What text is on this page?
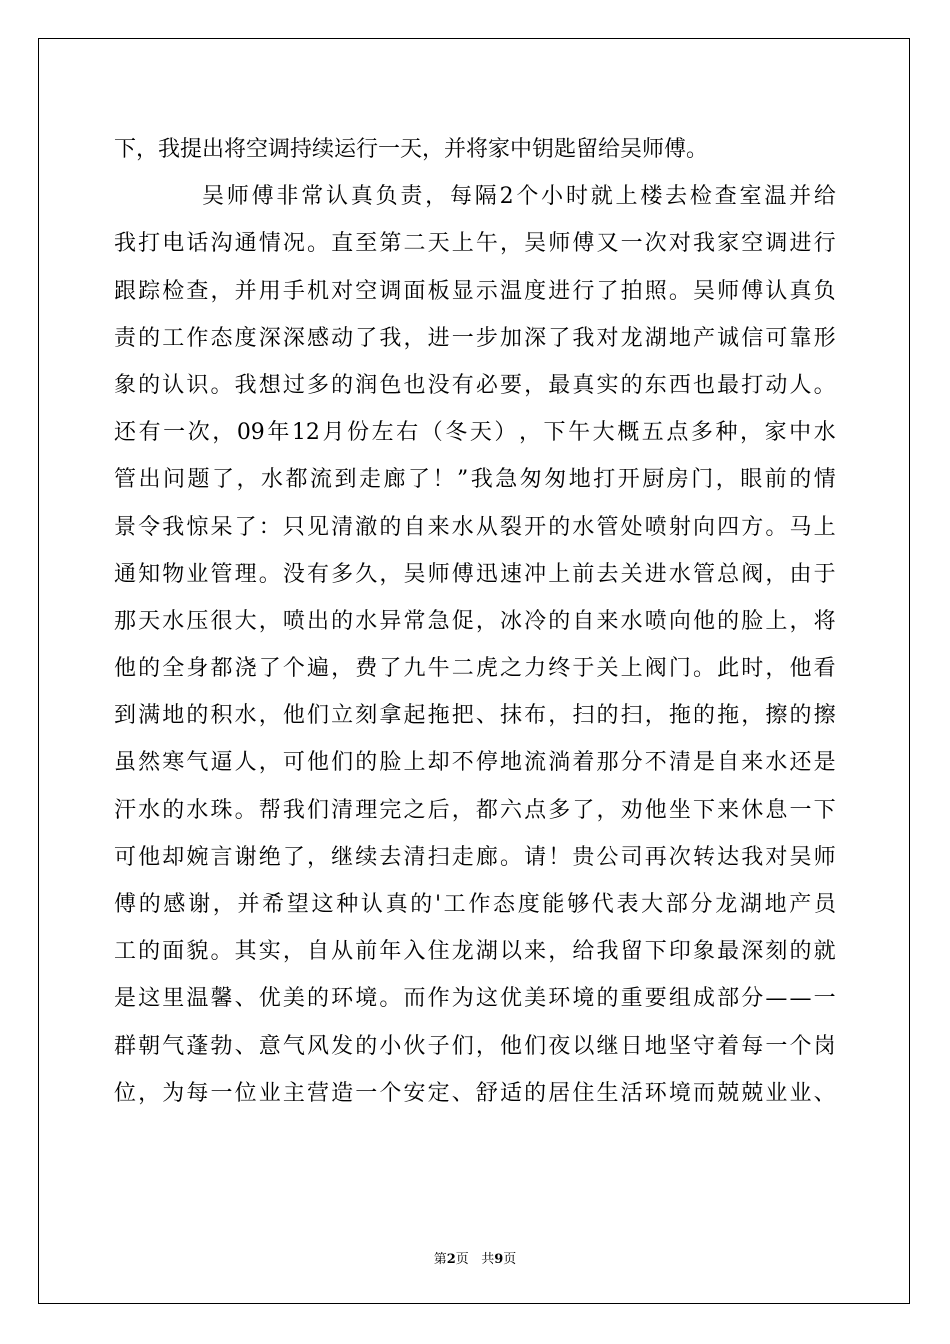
下，我提出将空调持续运行一天，并将家中钥匙留给吴师傅。
吴 师 傅 非 常 认 真 负 责 ， 每 隔 2 个 小 时 就 上 楼 去 检 查 室 温 并 给
我 打 电 话 沟 通 情 况 。 直 至 第 二 天 上 午 ， 吴 师 傅 又 一 次 对 我 家 空 调 进 行
跟 踪 检 查 ， 并 用 手 机 对 空 调 面 板 显 示 温 度 进 行 了 拍 照 。 吴 师 傅 认 真 负
责 的 工 作 态 度 深 深 感 动 了 我 ， 进 一 步 加 深 了 我 对 龙 湖 地 产 诚 信 可 靠 形
象 的 认 识 。 我 想 过 多 的 润 色 也 没 有 必 要 ， 最 真 实 的 东 西 也 最 打 动 人 。
还 有 一 次 ， 09 年 12 月 份 左 右 （ 冬 天 ） ， 下 午 大 概 五 点 多 种 ， 家 中 水
管 出 问 题 了 ， 水 都 流 到 走 廊 了 ！ ” 我 急 匆 匆 地 打 开 厨 房 门 ， 眼 前 的 情
景 令 我 惊 呆 了 ： 只 见 清 澈 的 自 来 水 从 裂 开 的 水 管 处 喷 射 向 四 方 。 马 上
通 知 物 业 管 理 。 没 有 多 久 ， 吴 师 傅 迅 速 冲 上 前 去 关 进 水 管 总 阀 ， 由 于
那 天 水 压 很 大 ， 喷 出 的 水 异 常 急 促 ， 冰 冷 的 自 来 水 喷 向 他 的 脸 上 ， 将
他 的 全 身 都 浇 了 个 遍 ， 费 了 九 牛 二 虎 之 力 终 于 关 上 阀 门 。 此 时 ， 他 看
到 满 地 的 积 水 ， 他 们 立 刻 拿 起 拖 把 、 抹 布 ， 扫 的 扫 ， 拖 的 拖 ， 擦 的 擦
虽 然 寒 气 逼 人 ， 可 他 们 的 脸 上 却 不 停 地 流 淌 着 那 分 不 清 是 自 来 水 还 是
汗 水 的 水 珠 。 帮 我 们 清 理 完 之 后 ， 都 六 点 多 了 ， 劝 他 坐 下 来 休 息 一 下
可 他 却 婉 言 谢 绝 了 ， 继 续 去 清 扫 走 廊 。 请 ！ 贵 公 司 再 次 转 达 我 对 吴 师
傅 的 感 谢 ， 并 希 望 这 种 认 真 的 ' 工 作 态 度 能 够 代 表 大 部 分 龙 湖 地 产 员
工 的 面 貌 。 其 实 ， 自 从 前 年 入 住 龙 湖 以 来 ， 给 我 留 下 印 象 最 深 刻 的 就
是 这 里 温 馨 、 优 美 的 环 境 。 而 作 为 这 优 美 环 境 的 重 要 组 成 部 分 — — 一
群 朝 气 蓬 勃 、 意 气 风 发 的 小 伙 子 们 ， 他 们 夜 以 继 日 地 坚 守 着 每 一 个 岗
位 ， 为 每 一 位 业 主 营 造 一 个 安 定 、 舒 适 的 居 住 生 活 环 境 而 兢 兢 业 业 、
第2页 共9页
